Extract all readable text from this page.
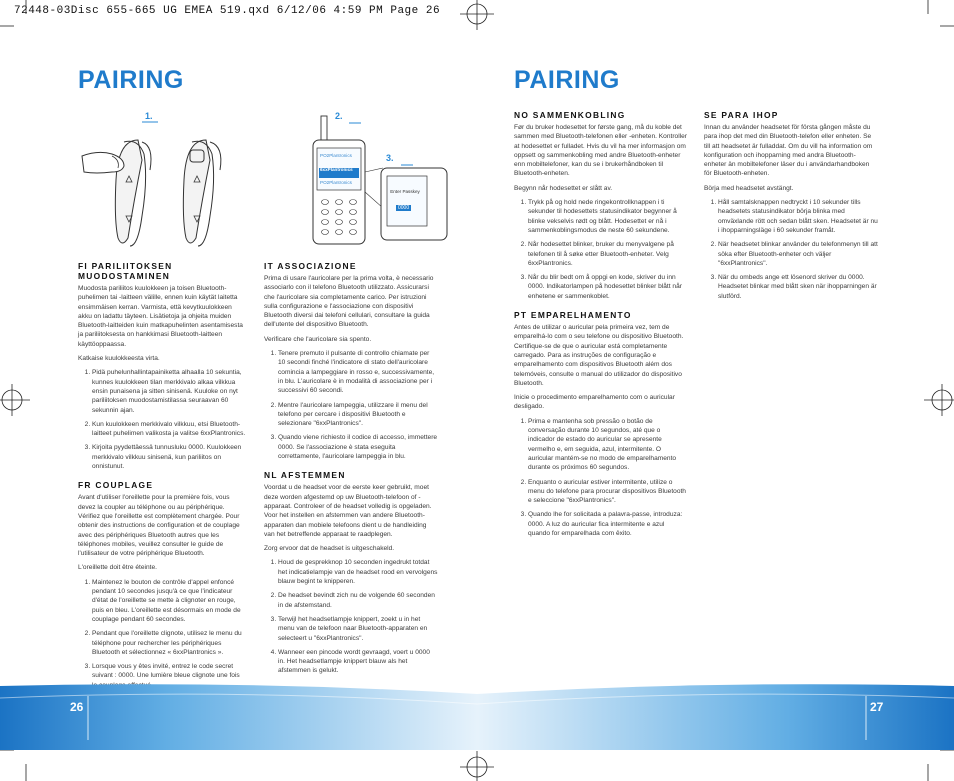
72448-03Disc 655-665 UG EMEA 519.qxd 6/12/06 4:59 PM Page 26
PAIRING	PAIRING
1.	2.
3.
PO2Plantronics
6xxPlantronics
PO2Plantronics
Enter Passkey
0000
FI PARILIITOKSEN MUODOSTAMINEN

Muodosta pariliitos kuulokkeen ja toisen Bluetooth-puhelimen tai -laitteen välille, ennen kuin käytät laitetta ensimmäisen kerran. Varmista, että kevytkuulokkeen akku on ladattu täyteen. Lisätietoja ja ohjeita muiden Bluetooth-laitteiden kuin matkapuhelinten asentamisesta ja pariliitoksesta on hankkimasi Bluetooth-laitteen käyttöoppaassa.

Katkaise kuulokkeesta virta.

1. Pidä puhelunhallintapainiketta alhaalla 10 sekuntia, kunnes kuulokkeen tilan merkkivalo alkaa vilkkua ensin punaisena ja sitten sinisenä. Kuuloke on nyt pariliitoksen muodostamistilassa seuraavan 60 sekunnin ajan.
2. Kun kuulokkeen merkkivalo vilkkuu, etsi Bluetooth-laitteet puhelimen valikosta ja valitse 6xxPlantronics.
3. Kirjoita pyydettäessä tunnusluku 0000. Kuulokkeen merkkivalo vilkkuu sinisenä, kun pariliitos on onnistunut.
FR COUPLAGE

Avant d'utiliser l'oreillette pour la première fois, vous devez la coupler au téléphone ou au périphérique. Vérifiez que l'oreillette est complètement chargée. Pour obtenir des instructions de configuration et de couplage avec des périphériques Bluetooth autres que les téléphones mobiles, veuillez consulter le guide de l'utilisateur de votre périphérique Bluetooth.

L'oreillette doit être éteinte.

1. Maintenez le bouton de contrôle d'appel enfoncé pendant 10 secondes jusqu'à ce que l'indicateur d'état de l'oreillette se mette à clignoter en rouge, puis en bleu. L'oreillette est désormais en mode de couplage pendant 60 secondes.
2. Pendant que l'oreillette clignote, utilisez le menu du téléphone pour rechercher les périphériques Bluetooth et sélectionnez « 6xxPlantronics ».
3. Lorsque vous y êtes invité, entrez le code secret suivant : 0000. Une lumière bleue clignote une fois
IT ASSOCIAZIONE

Prima di usare l'auricolare per la prima volta, è necessario associarlo con il telefono Bluetooth utilizzato. Assicurarsi che l'auricolare sia completamente carico. Per istruzioni sulla configurazione e l'associazione con dispositivi Bluetooth diversi dai telefoni cellulari, consultare la guida dell'utente del dispositivo Bluetooth.

Verificare che l'auricolare sia spento.

1. Tenere premuto il pulsante di controllo chiamate per 10 secondi finché l'indicatore di stato dell'auricolare comincia a lampeggiare in rosso e, successivamente, in blu. L'auricolare è in modalità di associazione per i successivi 60 secondi.
2. Mentre l'auricolare lampeggia, utilizzare il menu del telefono per cercare i dispositivi Bluetooth e selezionare "6xxPlantronics".
3. Quando viene richiesto il codice di accesso, immettere 0000. Se l'associazione è stata eseguita correttamente, l'auricolare lampeggia in blu.
NL AFSTEMMEN

Voordat u de headset voor de eerste keer gebruikt, moet deze worden afgestemd op uw Bluetooth-telefoon of -apparaat. Controleer of de headset volledig is opgeladen. Voor het instellen en afstemmen van andere Bluetooth-apparaten dan mobiele telefoons dient u de handleiding van het betreffende apparaat te raadplegen.

Zorg ervoor dat de headset is uitgeschakeld.

1. Houd de gesprekknop 10 seconden ingedrukt totdat het indicatielampje van de headset rood en vervolgens blauw begint te knipperen.
2. De headset bevindt zich nu de volgende 60 seconden in de afstemstand.
3. Terwijl het headsetlampje knippert, zoekt u in het menu van de telefoon naar Bluetooth-apparaten en selecteert u "6xxPlantronics".
4. Wanneer een pincode wordt gevraagd, voert u 0000 in. Het headsetlampje knippert blauw als het afstemmen is gelukt.
NO SAMMENKOBLING

Før du bruker hodesettet for første gang, må du koble det sammen med Bluetooth-telefonen eller -enheten. Kontroller at hodesettet er fulladet. Hvis du vil ha mer informasjon om oppsett og sammenkobling med andre Bluetooth-enheter enn mobiltelefoner, kan du se i brukerhåndboken til Bluetooth-enheten.

Begynn når hodesettet er slått av.

1. Trykk på og hold nede ringekontrollknappen i ti sekunder til hodesettets statusindikator begynner å blinke vekselvis rødt og blått. Hodesettet er nå i sammenkoblingsmodus de neste 60 sekundene.
2. Når hodesettet blinker, bruker du menyvalgene på telefonen til å søke etter Bluetooth-enheter. Velg 6xxPlantronics.
3. Når du blir bedt om å oppgi en kode, skriver du inn 0000. Indikatorlampen på hodesettet blinker blått når enhetene er sammenkoblet.
PT EMPARELHAMENTO

Antes de utilizar o auricular pela primeira vez, tem de emparelhá-lo com o seu telefone ou dispositivo Bluetooth. Certifique-se de que o auricular está completamente carregado. Para as instruções de configuração e emparelhamento com dispositivos Bluetooth além dos telemóveis, consulte o manual do utilizador do dispositivo Bluetooth.

Inicie o procedimento emparelhamento com o auricular desligado.

1. Prima e mantenha sob pressão o botão de conversação durante 10 segundos, até que o indicador de estado do auricular se apresente vermelho e, em seguida, azul, intermitente. O auricular mantém-se no modo de emparelhamento durante os próximos 60 segundos.
2. Enquanto o auricular estiver intermitente, utilize o menu do telefone para procurar dispositivos Bluetooth e seleccione "6xxPlantronics".
3. Quando lhe for solicitada a palavra-passe, introduza: 0000. A luz do auricular fica intermitente e azul quando for emparelhada com êxito.
SE PARA IHOP

Innan du använder headsetet för första gången måste du para ihop det med din Bluetooth-telefon eller enheten. Se till att headsetet är fulladdat. Om du vill ha information om konfiguration och ihopparning med andra Bluetooth-enheter än mobiltelefoner läser du i användarhandboken för Bluetooth-enheten.

Börja med headsetet avstängt.

1. Håll samtalsknappen nedtryckt i 10 sekunder tills headsetets statusindikator börja blinka med omväxlande rött och sedan blått sken. Headsetet är nu i ihopparningsläge i 60 sekunder framåt.
2. När headsetet blinkar använder du telefonmenyn till att söka efter Bluetooth-enheter och väljer "6xxPlantronics".
3. När du ombeds ange ett lösenord skriver du 0000. Headsetet blinkar med blått sken när ihopparningen är slutförd.
26	27
